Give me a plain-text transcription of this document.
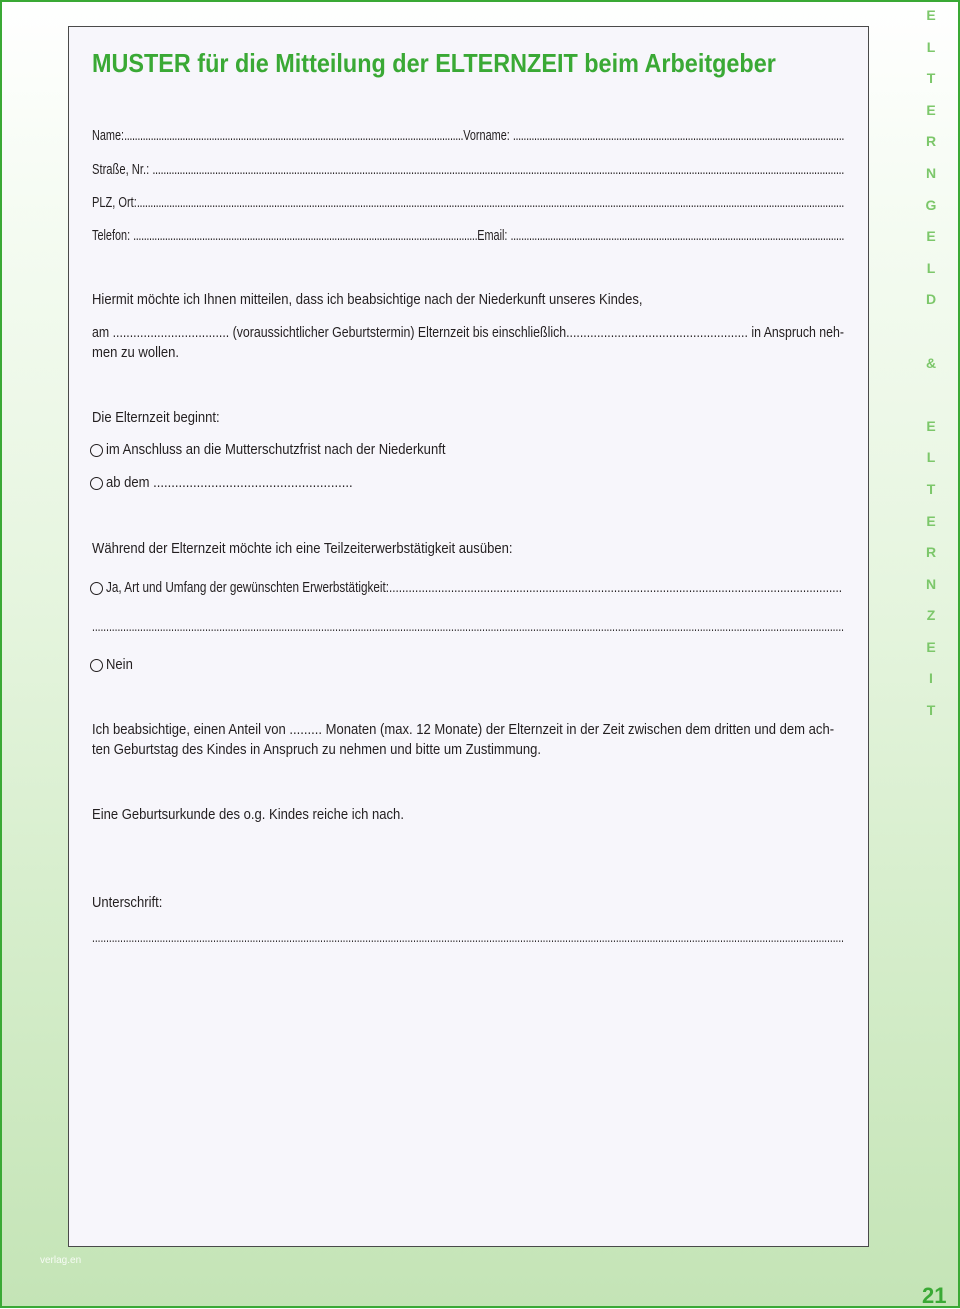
MUSTER für die Mitteilung der ELTERNZEIT beim Arbeitgeber
Name:................................................................................................................................Vorname: .............................................................................................................................
Straße, Nr.: ..............................................................................................................................................................................................................................................................
PLZ, Ort:.......................................................................................................................................................................................................................................................................
Telefon: ..................................................................................................................................Email: ..............................................................................................................................
Hiermit möchte ich Ihnen mitteilen, dass ich beabsichtige nach der Niederkunft unseres Kindes,
am .................................. (voraussichtlicher Geburtstermin) Elternzeit bis einschließlich..................................................... in Anspruch neh-
men zu wollen.
Die Elternzeit beginnt:
im Anschluss an die Mutterschutzfrist nach der Niederkunft
ab dem .......................................................
Während der Elternzeit möchte ich eine Teilzeiterwerbstätigkeit ausüben:
Ja, Art und Umfang der gewünschten Erwerbstätigkeit:...........................................................................................................................................
..........................................................................................................................................................................................................................................................................
Nein
Ich beabsichtige, einen Anteil von ......... Monaten (max. 12 Monate) der Elternzeit in der Zeit zwischen dem dritten und dem ach-
ten Geburtstag des Kindes in Anspruch zu nehmen und bitte um Zustimmung.
Eine Geburtsurkunde des o.g. Kindes reiche ich nach.
Unterschrift:
...........................................................................................................................................................................................................................................................................
E
L
T
E
R
N
G
E
L
D
&
E
L
T
E
R
N
Z
E
I
T
verlag.en
21
